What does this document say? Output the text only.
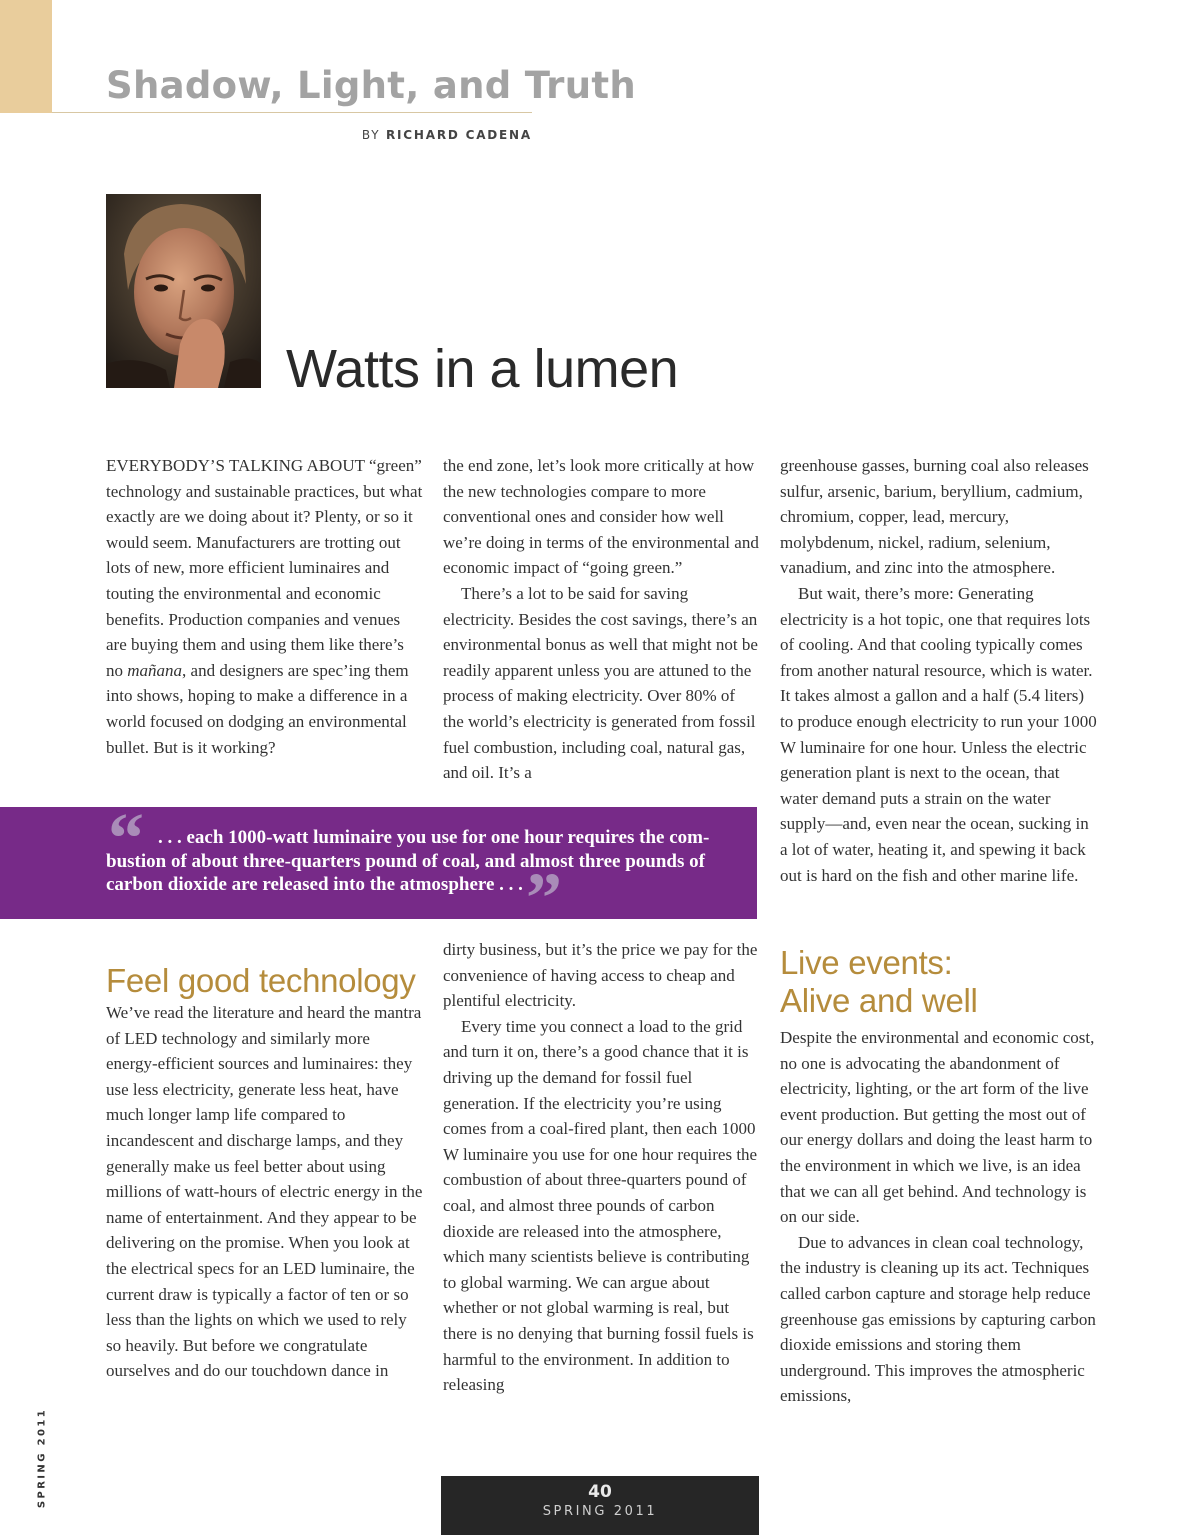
Shadow, Light, and Truth
BY RICHARD CADENA
Watts in a lumen

EVERYBODY’S TALKING ABOUT “green” technology and sustainable practices, but what exactly are we doing about it? Plenty, or so it would seem. Manufacturers are trotting out lots of new, more efficient luminaires and touting the environmental and economic benefits. Production companies and venues are buying them and using them like there’s no mañana, and designers are spec’ing them into shows, hoping to make a difference in a world focused on dodging an environmental bullet. But is it working?

the end zone, let’s look more critically at how the new technologies compare to more conventional ones and consider how well we’re doing in terms of the environmental and economic impact of “going green.”

There’s a lot to be said for saving electricity. Besides the cost savings, there’s an environmental bonus as well that might not be readily apparent unless you are attuned to the process of making electricity. Over 80% of the world’s electricity is generated from fossil fuel combustion, including coal, natural gas, and oil. It’s a

greenhouse gasses, burning coal also releases sulfur, arsenic, barium, beryllium, cadmium, chromium, copper, lead, mercury, molybdenum, nickel, radium, selenium, vanadium, and zinc into the atmosphere.

But wait, there’s more: Generating electricity is a hot topic, one that requires lots of cooling. And that cooling typically comes from another natural resource, which is water. It takes almost a gallon and a half (5.4 liters) to produce enough electricity to run your 1000 W luminaire for one hour. Unless the electric generation plant is next to the ocean, that water demand puts a strain on the water supply—and, even near the ocean, sucking in a lot of water, heating it, and spewing it back out is hard on the fish and other marine life.

“ . . . each 1000-watt luminaire you use for one hour requires the com- bustion of about three-quarters pound of coal, and almost three pounds of carbon dioxide are released into the atmosphere . . . ”
Feel good technology

We’ve read the literature and heard the mantra of LED technology and similarly more energy-efficient sources and luminaires: they use less electricity, generate less heat, have much longer lamp life compared to incandescent and discharge lamps, and they generally make us feel better about using millions of watt-hours of electric energy in the name of entertainment. And they appear to be delivering on the promise. When you look at the electrical specs for an LED luminaire, the current draw is typically a factor of ten or so less than the lights on which we used to rely so heavily. But before we congratulate ourselves and do our touchdown dance in

dirty business, but it’s the price we pay for the convenience of having access to cheap and plentiful electricity.

Every time you connect a load to the grid and turn it on, there’s a good chance that it is driving up the demand for fossil fuel generation. If the electricity you’re using comes from a coal-fired plant, then each 1000 W luminaire you use for one hour requires the combustion of about three-quarters pound of coal, and almost three pounds of carbon dioxide are released into the atmosphere, which many scientists believe is contributing to global warming. We can argue about whether or not global warming is real, but there is no denying that burning fossil fuels is harmful to the environment. In addition to releasing

Live events:
Alive and well

Despite the environmental and economic cost, no one is advocating the abandonment of electricity, lighting, or the art form of the live event production. But getting the most out of our energy dollars and doing the least harm to the environment in which we live, is an idea that we can all get behind. And technology is on our side.

Due to advances in clean coal technology, the industry is cleaning up its act. Techniques called carbon capture and storage help reduce greenhouse gas emissions by capturing carbon dioxide emissions and storing them underground. This improves the atmospheric emissions,

SPRING 2011	40
SPRING 2011
